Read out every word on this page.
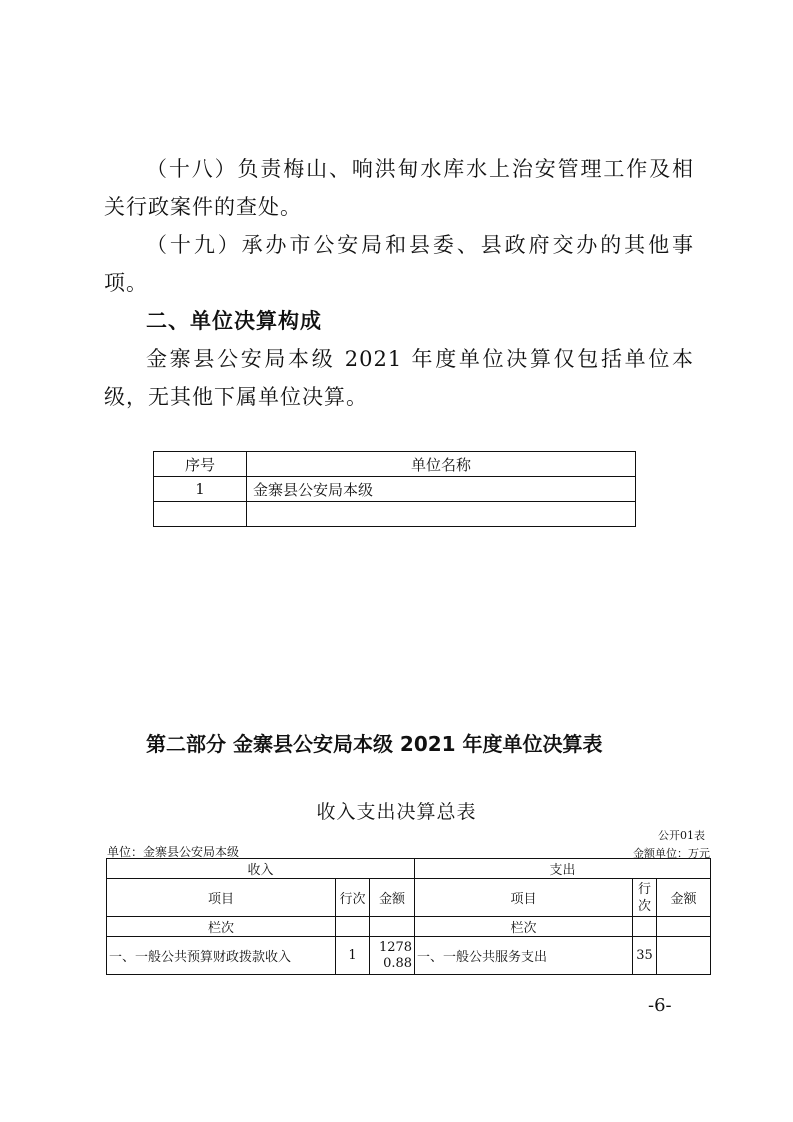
（十八）负责梅山、响洪甸水库水上治安管理工作及相关行政案件的查处。

（十九）承办市公安局和县委、县政府交办的其他事项。

二、单位决算构成

金寨县公安局本级 2021 年度单位决算仅包括单位本级，无其他下属单位决算。

序号	单位名称
1	金寨县公安局本级

第二部分 金寨县公安局本级 2021 年度单位决算表

收入支出决算总表

公开01表
单位：金寨县公安局本级	金额单位：万元
收入			支出		
项目	行次	金额	项目	行次	金额
栏次			栏次		
一、一般公共预算财政拨款收入	1	12780.88	一、一般公共服务支出	35	
-6-
